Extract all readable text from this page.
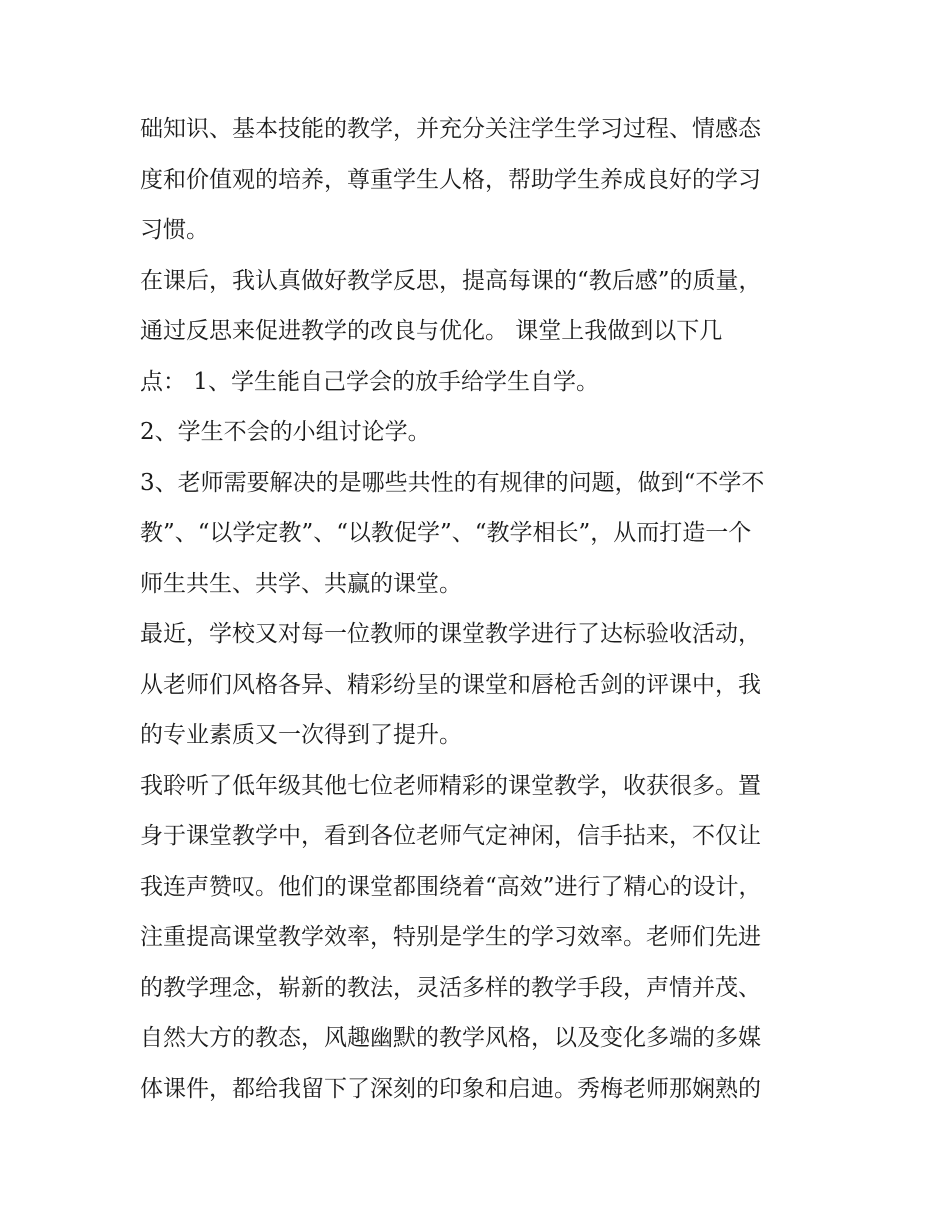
础知识、基本技能的教学，并充分关注学生学习过程、情感态
度和价值观的培养，尊重学生人格，帮助学生养成良好的学习
习惯。
在课后，我认真做好教学反思，提高每课的“教后感”的质量，
通过反思来促进教学的改良与优化。 课堂上我做到以下几
点： 1、学生能自己学会的放手给学生自学。
2、学生不会的小组讨论学。
3、老师需要解决的是哪些共性的有规律的问题，做到“不学不
教”、“以学定教”、“以教促学”、“教学相长”，从而打造一个
师生共生、共学、共赢的课堂。
最近，学校又对每一位教师的课堂教学进行了达标验收活动，
从老师们风格各异、精彩纷呈的课堂和唇枪舌剑的评课中，我
的专业素质又一次得到了提升。
我聆听了低年级其他七位老师精彩的课堂教学，收获很多。置
身于课堂教学中，看到各位老师气定神闲，信手拈来，不仅让
我连声赞叹。他们的课堂都围绕着“高效”进行了精心的设计，
注重提高课堂教学效率，特别是学生的学习效率。老师们先进
的教学理念，崭新的教法，灵活多样的教学手段，声情并茂、
自然大方的教态，风趣幽默的教学风格，以及变化多端的多媒
体课件，都给我留下了深刻的印象和启迪。秀梅老师那娴熟的
